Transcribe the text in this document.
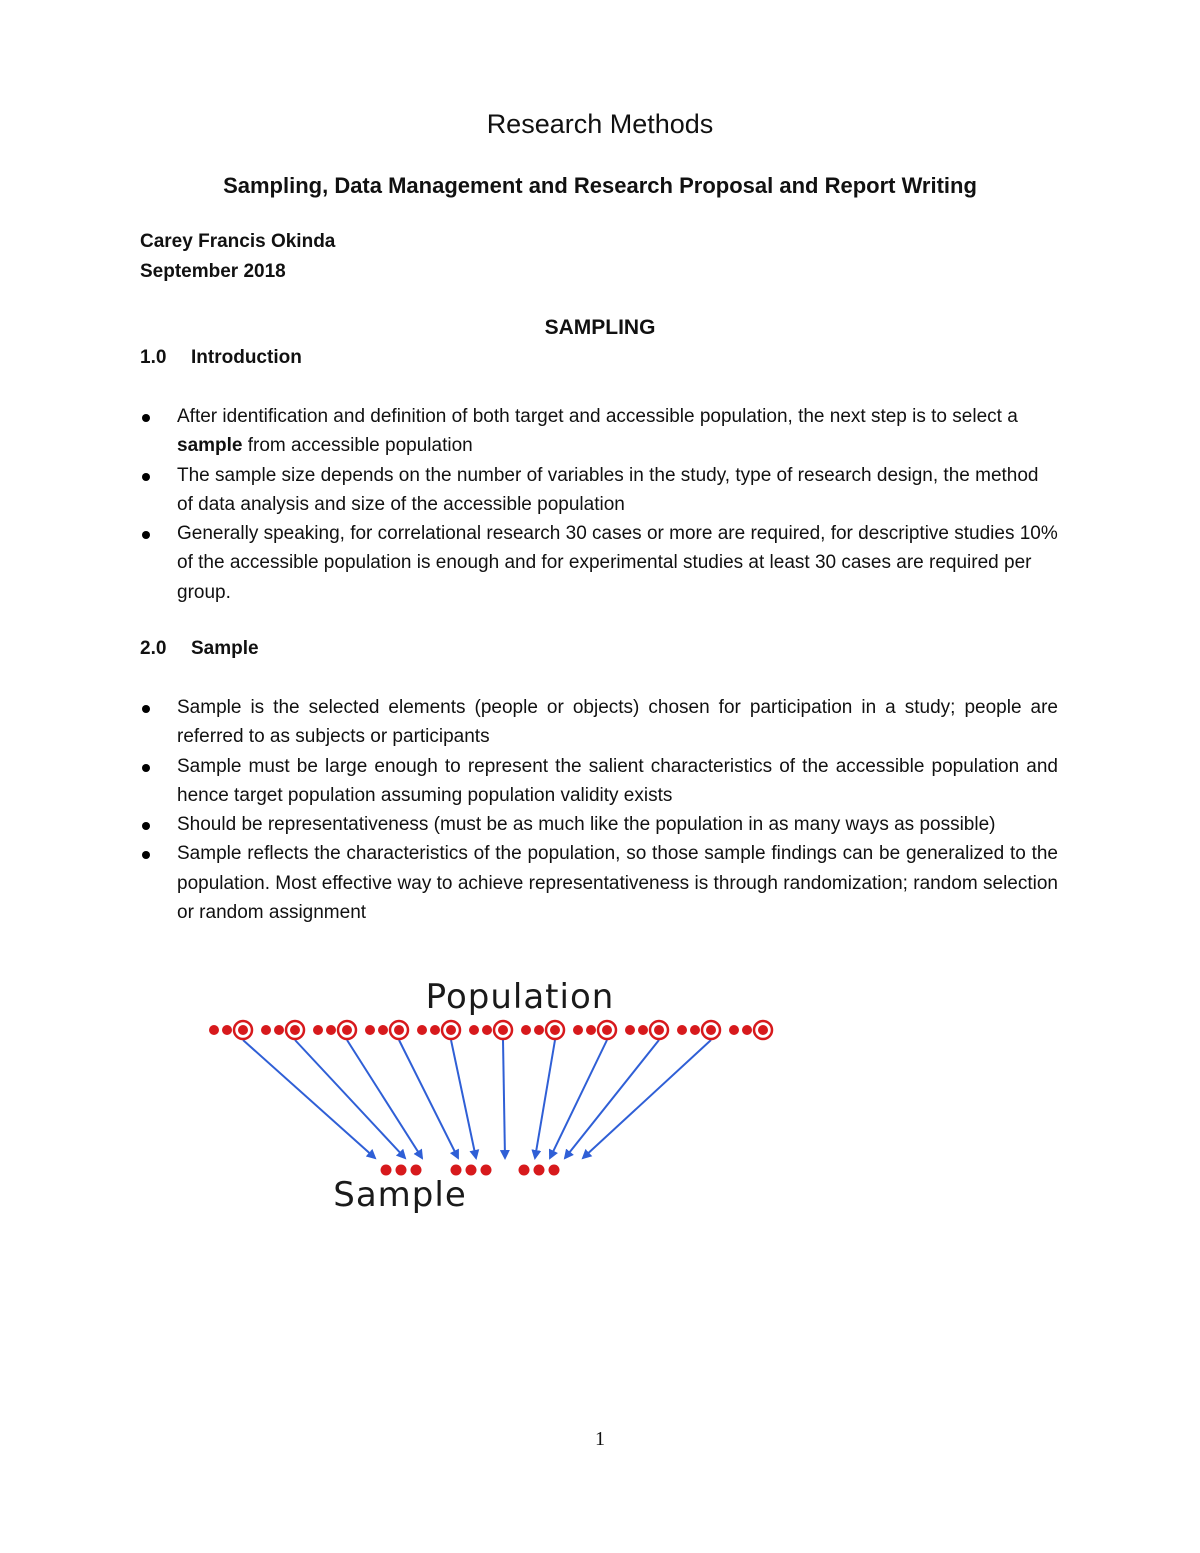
Research Methods
Sampling, Data Management and Research Proposal and Report Writing
Carey Francis Okinda
September 2018
SAMPLING
1.0 Introduction
After identification and definition of both target and accessible population, the next step is to select a sample from accessible population
The sample size depends on the number of variables in the study, type of research design, the method of data analysis and size of the accessible population
Generally speaking, for correlational research 30 cases or more are required, for descriptive studies 10% of the accessible population is enough and for experimental studies at least 30 cases are required per group.
2.0 Sample
Sample is the selected elements (people or objects) chosen for participation in a study; people are referred to as subjects or participants
Sample must be large enough to represent the salient characteristics of the accessible population and hence target population assuming population validity exists
Should be representativeness (must be as much like the population in as many ways as possible)
Sample reflects the characteristics of the population, so those sample findings can be generalized to the population. Most effective way to achieve representativeness is through randomization; random selection or random assignment
Population
Sample
1
